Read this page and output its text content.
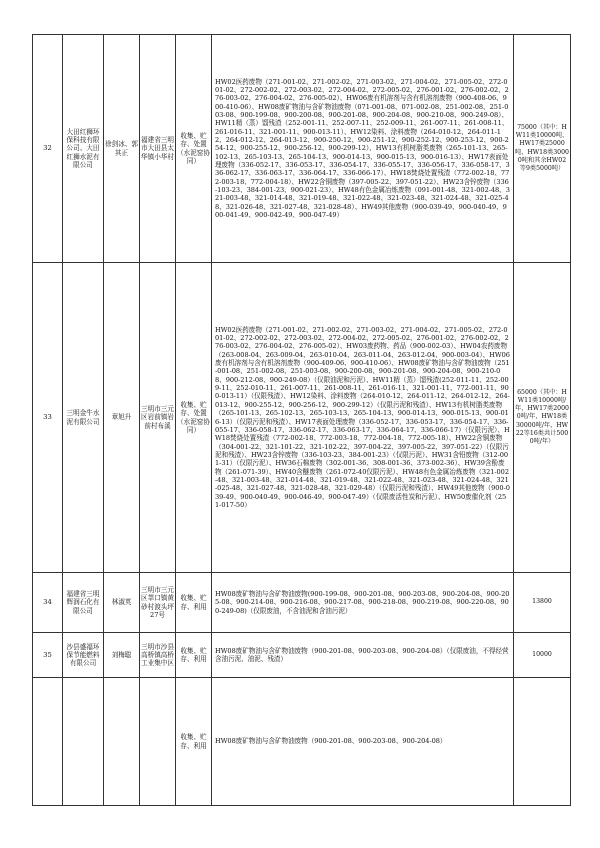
32	大田红狮环保科技有限公司、大田红狮水泥有限公司	徐剑冰、郭其正	福建省三明市大田县太华镇小华村	收集、贮存、处置（水泥窑协同）	HW02医药废物（271-001-02、271-002-02、271-003-02、271-004-02、271-005-02、272-001-02、272-002-02、272-003-02、272-004-02、272-005-02、276-001-02、276-002-02、276-003-02、276-004-02、276-005-02）、HW06废有机溶剂与含有机溶剂废物（900-408-06、900-410-06）、HW08废矿物油与含矿物油废物（071-001-08、071-002-08、251-002-08、251-003-08、900-199-08、900-200-08、900-201-08、900-204-08、900-210-08、900-249-08）、HW11精（蒸）馏残渣（252-001-11、252-007-11、252-009-11、261-007-11、261-008-11、261-016-11、321-001-11、900-013-11）、HW12染料、涂料废物（264-010-12、264-011-12、264-012-12、264-013-12、900-250-12、900-251-12、900-252-12、900-253-12、900-254-12、900-255-12、900-256-12、900-299-12）、HW13有机树脂类废物（265-101-13、265-102-13、265-103-13、265-104-13、900-014-13、900-015-13、900-016-13）、HW17表面处理废物（336-052-17、336-053-17、336-054-17、336-055-17、336-056-17、336-058-17、336-062-17、336-063-17、336-064-17、336-066-17）、HW18焚烧处置残渣（772-002-18、772-003-18、772-004-18）、HW22含铜废物（397-005-22、397-051-22）、HW23含锌废物（336-103-23、384-001-23、900-021-23）、HW48有色金属冶炼废物（091-001-48、321-002-48、321-003-48、321-014-48、321-019-48、321-022-48、321-023-48、321-024-48、321-025-48、321-026-48、321-027-48、321-028-48）、HW49其他废物（900-039-49、900-040-49、900-041-49、900-042-49、900-047-49）	75000（其中：HW11类10000吨、HW17类25000吨、HW18类30000吨和其余HW02等9类5000吨）
33	三明金牛水泥有限公司	章旭升	三明市三元区岩前镇岩前村布溪	收集、贮存、处置（水泥窑协同）	HW02医药废物（271-001-02、271-002-02、271-003-02、271-004-02、271-005-02、272-001-02、272-002-02、272-003-02、272-004-02、272-005-02、276-001-02、276-002-02、276-003-02、276-004-02、276-005-02）、HW03废药物、药品（900-002-03）、HW04农药废物（263-008-04、263-009-04、263-010-04、263-011-04、263-012-04、900-003-04）、HW06废有机溶剂与含有机溶剂废物（900-409-06、900-410-06）、HW08废矿物油与含矿物油废物（251-001-08、251-002-08、251-003-08、900-200-08、900-201-08、900-204-08、900-210-08、900-212-08、900-249-08）（仅限油泥和污泥）、HW11精（蒸）馏残渣(252-011-11、252-009-11、252-010-11、261-007-11、261-008-11、261-016-11、321-001-11、772-001-11、900-013-11）（仅限残渣）、HW12染料、涂料废物（264-010-12、264-011-12、264-012-12、264-013-12、900-255-12、900-256-12、900-299-12）（仅限污泥和残渣）、HW13有机树脂类废物（265-101-13、265-102-13、265-103-13、265-104-13、900-014-13、900-015-13、900-016-13）（仅限污泥和残渣）、HW17表面处理废物（336-052-17、336-053-17、336-054-17、336-055-17、336-058-17、336-062-17、336-063-17、336-064-17、336-066-17）（仅限污泥）、HW18焚烧处置残渣（772-002-18、772-003-18、772-004-18、772-005-18）、HW22含铜废物（304-001-22、321-101-22、321-102-22、397-004-22、397-005-22、397-051-22）（仅限污泥和残渣）、HW23含锌废物（336-103-23、384-001-23）（仅限污泥）、HW31含铅废物（312-001-31）（仅限污泥）、HW36石棉废物（302-001-36、308-001-36、373-002-36）、HW39含酚废物（261-071-39）、HW40含醚废物（261-072-40仅限污泥）、HW48有色金属冶炼废物（321-002-48、321-003-48、321-014-48、321-019-48、321-022-48、321-023-48、321-024-48、321-025-48、321-027-48、321-028-48、321-029-48）（仅限污泥和残渣）、HW49其他废物（900-039-49、900-040-49、900-046-49、900-047-49）（仅限废活性炭和污泥）、HW50废催化剂（251-017-50）	65000（其中：HW11类10000吨/年，HW17类20000吨/年，HW18类30000吨/年，HW22等16类共计5000吨/年）
34	福建省三明辉润石化有限公司	林淑英	三明市三元区莘口镇黄砂村渡头坪27号	收集、贮存、利用	HW08废矿物油与含矿物油废物(900-199-08、900-201-08、900-203-08、900-204-08、900-205-08、900-214-08、900-216-08、900-217-08、900-218-08、900-219-08、900-220-08、900-249-08)（仅限废油，不含油泥和含油污泥）	13800
35	沙县盛福环保节能燃料有限公司	刘梅聪	三明市沙县高桥镇高桥工业集中区	收集、贮存、利用	HW08废矿物油与含矿物油废物（900-201-08、900-203-08、900-204-08）（仅限废油，不得经营含油污泥、油泥、残渣）	10000
				收集、贮存、利用	HW08废矿物油与含矿物油废物（900-201-08、900-203-08、900-204-08）	
